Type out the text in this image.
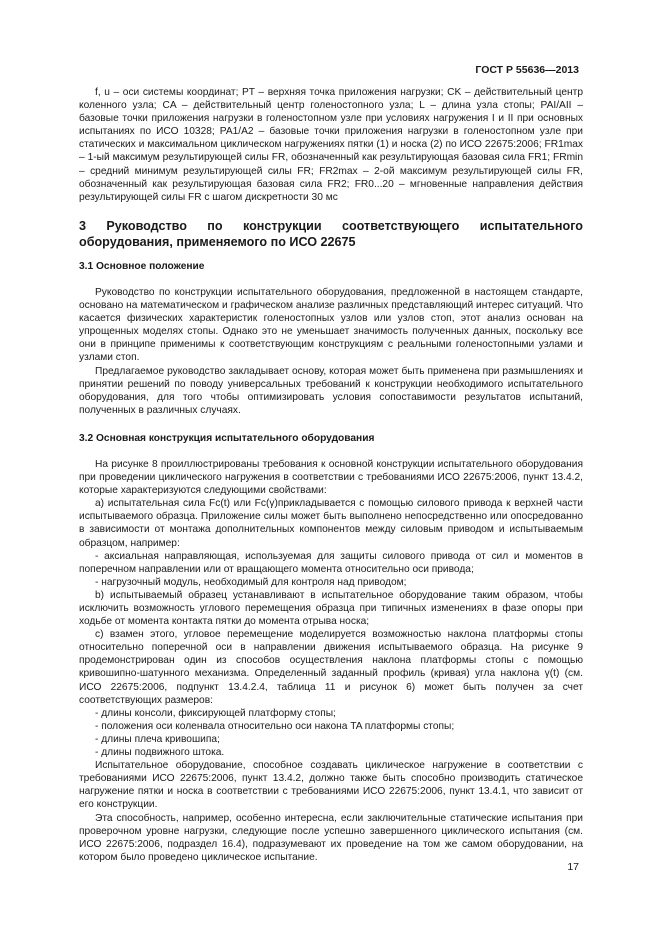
ГОСТ Р 55636—2013

f, u – оси системы координат; PT – верхняя точка приложения нагрузки; CK – действительный центр коленного узла; CA – действительный центр голеностопного узла; L – длина узла стопы; PAI/AII – базовые точки приложения нагрузки в голеностопном узле при условиях нагружения I и II при основных испытаниях по ИСО 10328; PA1/A2 – базовые точки приложения нагрузки в голеностопном узле при статических и максимальном циклическом нагружениях пятки (1) и носка (2) по ИСО 22675:2006; FR1max – 1-ый максимум результирующей силы FR, обозначенный как результирующая базовая сила FR1; FRmin – средний минимум результирующей силы FR; FR2max – 2-ой максимум результирующей силы FR, обозначенный как результирующая базовая сила FR2; FR0...20 – мгновенные направления действия результирующей силы FR с шагом дискретности 30 мс

3 Руководство по конструкции соответствующего испытательного оборудования, применяемого по ИСО 22675
3.1 Основное положение

Руководство по конструкции испытательного оборудования, предложенной в настоящем стандарте, основано на математическом и графическом анализе различных представляющий интерес ситуаций. Что касается физических характеристик голеностопных узлов или узлов стоп, этот анализ основан на упрощенных моделях стопы. Однако это не уменьшает значимость полученных данных, поскольку все они в принципе применимы к соответствующим конструкциям с реальными голеностопными узлами и узлами стоп.

Предлагаемое руководство закладывает основу, которая может быть применена при размышлениях и принятии решений по поводу универсальных требований к конструкции необходимого испытательного оборудования, для того чтобы оптимизировать условия сопоставимости результатов испытаний, полученных в различных случаях.

3.2 Основная конструкция испытательного оборудования

На рисунке 8 проиллюстрированы требования к основной конструкции испытательного оборудования при проведении циклического нагружения в соответствии с требованиями ИСО 22675:2006, пункт 13.4.2, которые характеризуются следующими свойствами:

а) испытательная сила Fc(t) или Fc(γ)прикладывается с помощью силового привода к верхней части испытываемого образца. Приложение силы может быть выполнено непосредственно или опосредованно в зависимости от монтажа дополнительных компонентов между силовым приводом и испытываемым образцом, например:

- аксиальная направляющая, используемая для защиты силового привода от сил и моментов в поперечном направлении или от вращающего момента относительно оси привода;

- нагрузочный модуль, необходимый для контроля над приводом;

b) испытываемый образец устанавливают в испытательное оборудование таким образом, чтобы исключить возможность углового перемещения образца при типичных изменениях в фазе опоры при ходьбе от момента контакта пятки до момента отрыва носка;

с) взамен этого, угловое перемещение моделируется возможностью наклона платформы стопы относительно поперечной оси в направлении движения испытываемого образца. На рисунке 9 продемонстрирован один из способов осуществления наклона платформы стопы с помощью кривошипно-шатунного механизма. Определенный заданный профиль (кривая) угла наклона γ(t) (см. ИСО 22675:2006, подпункт 13.4.2.4, таблица 11 и рисунок 6) может быть получен за счет соответствующих размеров:

- длины консоли, фиксирующей платформу стопы;

- положения оси коленвала относительно оси накона TA платформы стопы;

- длины плеча кривошипа;

- длины подвижного штока.

Испытательное оборудование, способное создавать циклическое нагружение в соответствии с требованиями ИСО 22675:2006, пункт 13.4.2, должно также быть способно производить статическое нагружение пятки и носка в соответствии с требованиями ИСО 22675:2006, пункт 13.4.1, что зависит от его конструкции.

Эта способность, например, особенно интересна, если заключительные статические испытания при проверочном уровне нагрузки, следующие после успешно завершенного циклического испытания (см. ИСО 22675:2006, подраздел 16.4), подразумевают их проведение на том же самом оборудовании, на котором было проведено циклическое испытание.

17
